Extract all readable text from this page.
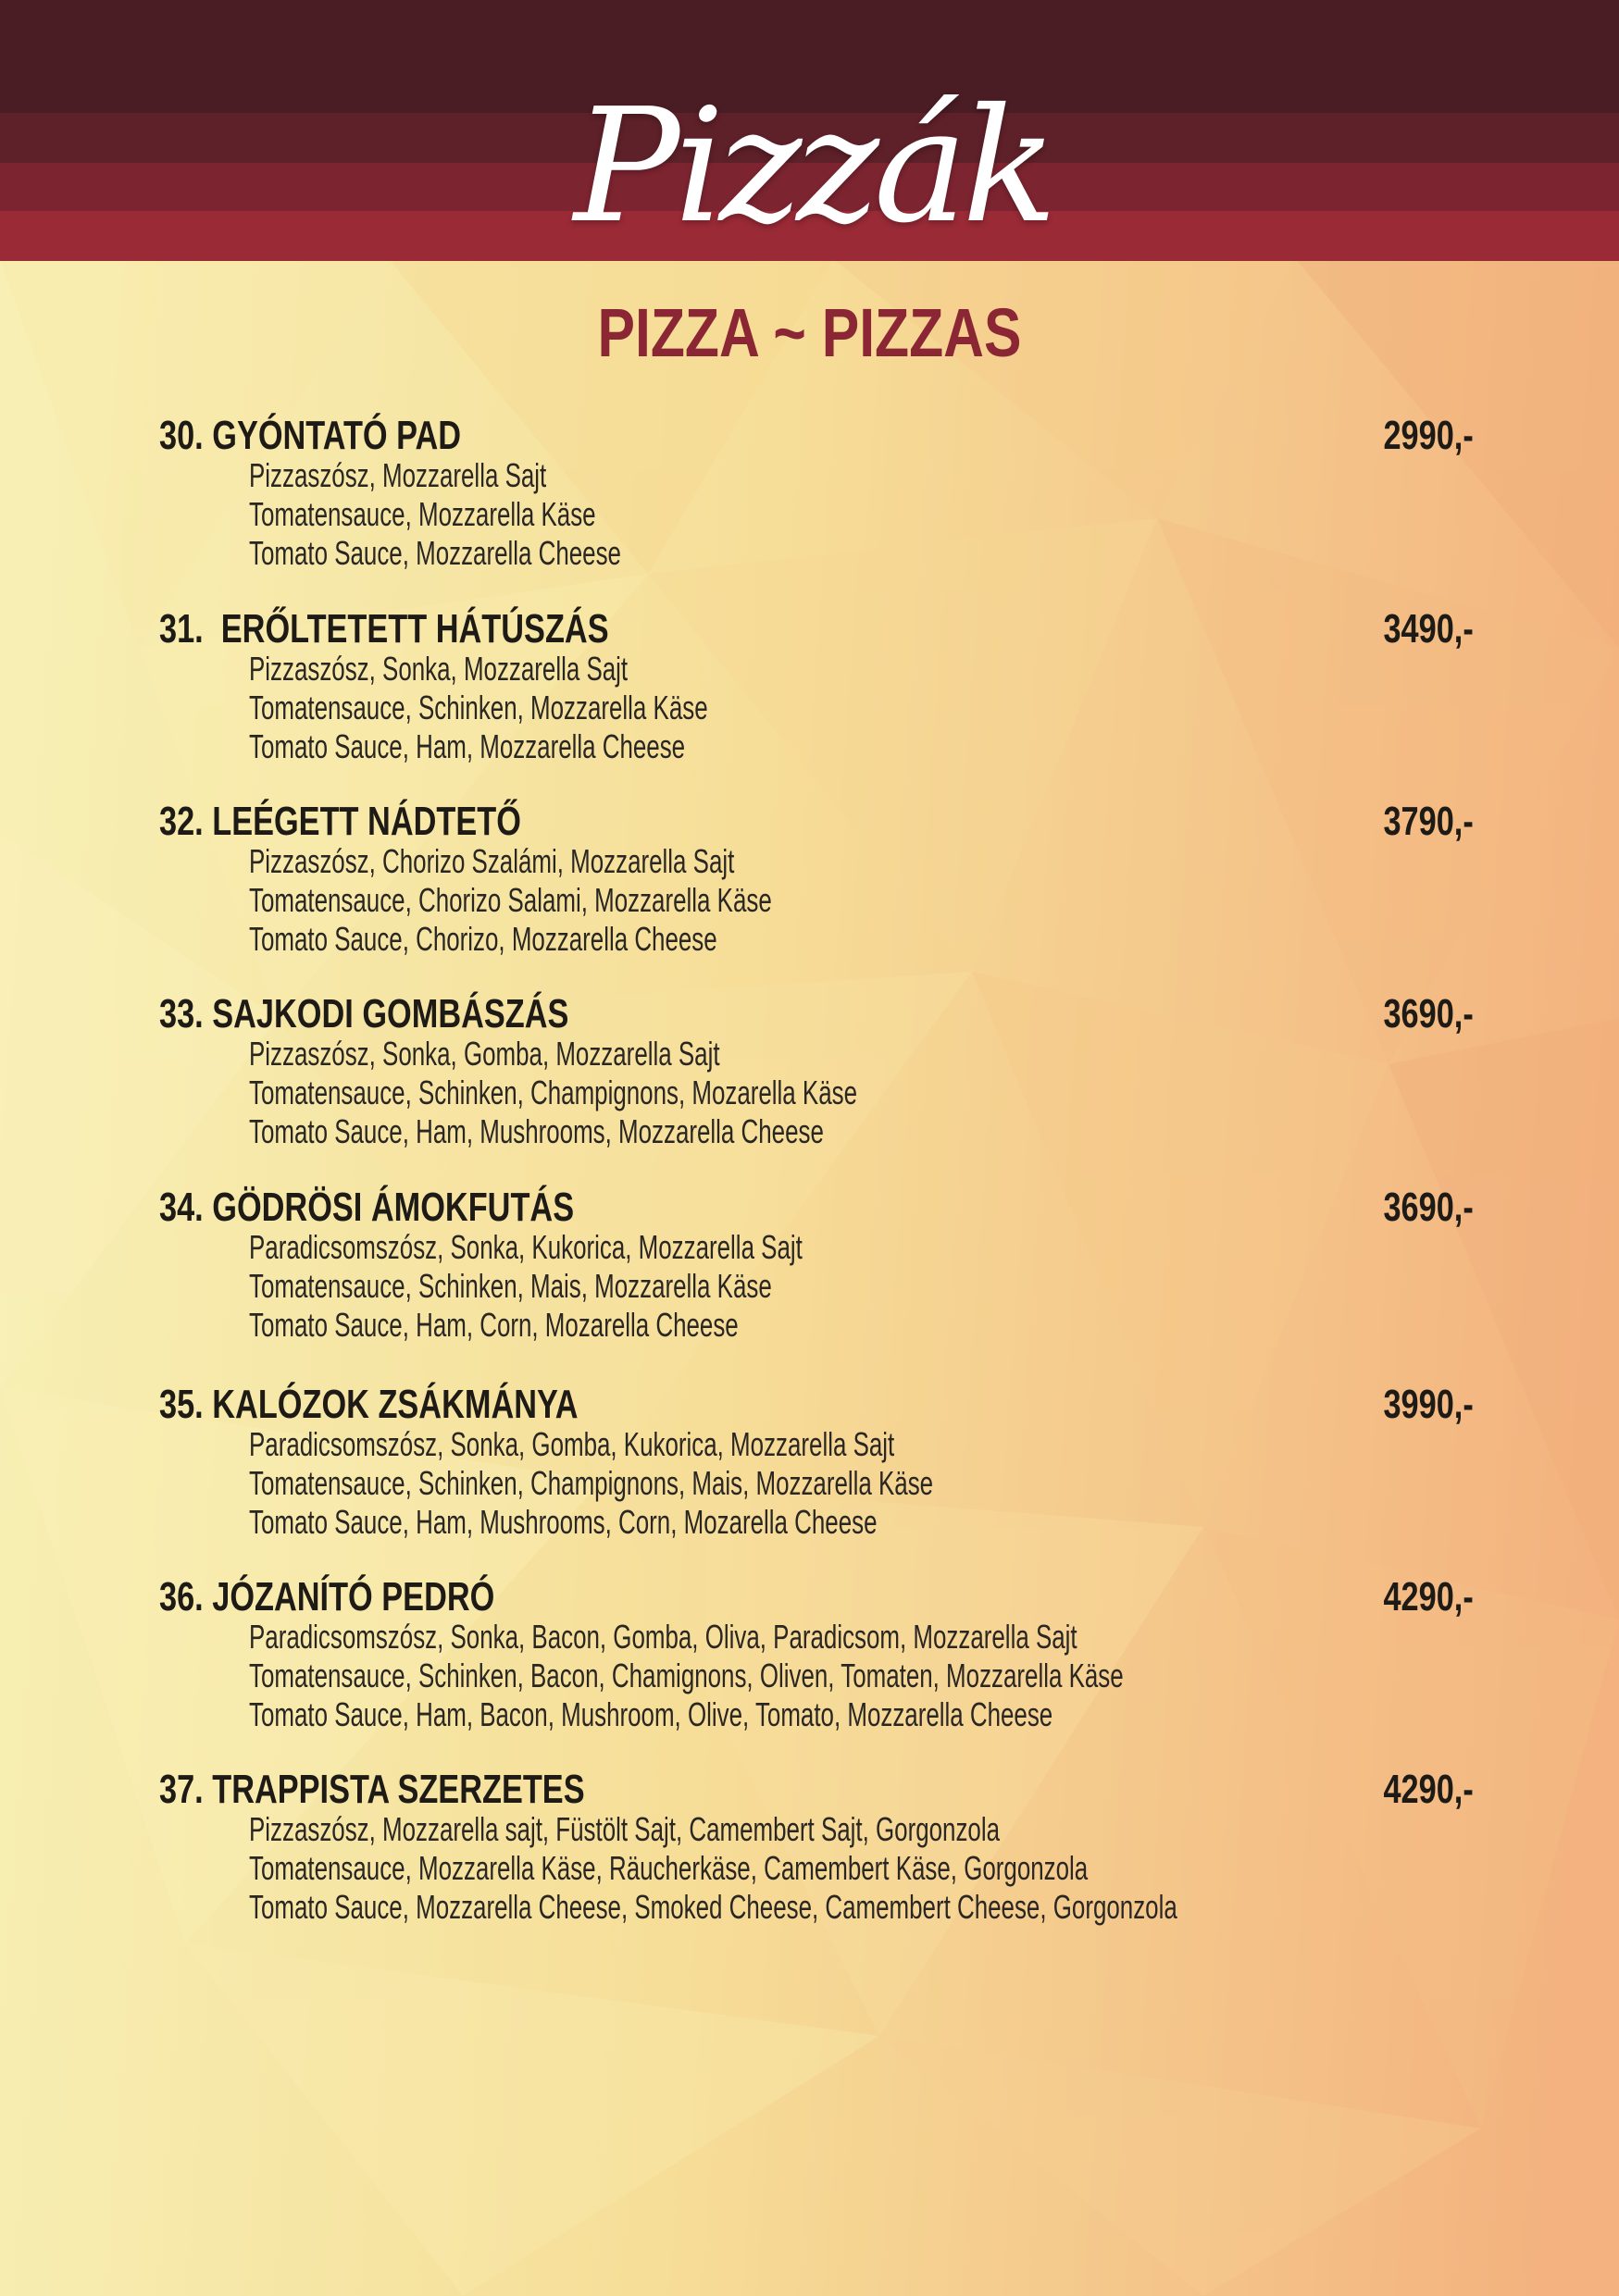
Pizzák
PIZZA ~ PIZZAS
30. GYÓNTATÓ PAD	2990,-
Pizzaszósz, Mozzarella Sajt
Tomatensauce, Mozzarella Käse
Tomato Sauce, Mozzarella Cheese
31.  ERŐLTETETT HÁTÚSZÁS	3490,-
Pizzaszósz, Sonka, Mozzarella Sajt
Tomatensauce, Schinken, Mozzarella Käse
Tomato Sauce, Ham, Mozzarella Cheese
32. LEÉGETT NÁDTETŐ	3790,-
Pizzaszósz, Chorizo Szalámi, Mozzarella Sajt
Tomatensauce, Chorizo Salami, Mozzarella Käse
Tomato Sauce, Chorizo, Mozzarella Cheese
33. SAJKODI GOMBÁSZÁS	3690,-
Pizzaszósz, Sonka, Gomba, Mozzarella Sajt
Tomatensauce, Schinken, Champignons, Mozarella Käse
Tomato Sauce, Ham, Mushrooms, Mozzarella Cheese
34. GÖDRÖSI ÁMOKFUTÁS	3690,-
Paradicsomszósz, Sonka, Kukorica, Mozzarella Sajt
Tomatensauce, Schinken, Mais, Mozzarella Käse
Tomato Sauce, Ham, Corn, Mozarella Cheese
35. KALÓZOK ZSÁKMÁNYA	3990,-
Paradicsomszósz, Sonka, Gomba, Kukorica, Mozzarella Sajt
Tomatensauce, Schinken, Champignons, Mais, Mozzarella Käse
Tomato Sauce, Ham, Mushrooms, Corn, Mozarella Cheese
36. JÓZANÍTÓ PEDRÓ	4290,-
Paradicsomszósz, Sonka, Bacon, Gomba, Oliva, Paradicsom, Mozzarella Sajt
Tomatensauce, Schinken, Bacon, Chamignons, Oliven, Tomaten, Mozzarella Käse
Tomato Sauce, Ham, Bacon, Mushroom, Olive, Tomato, Mozzarella Cheese
37. TRAPPISTA SZERZETES	4290,-
Pizzaszósz, Mozzarella sajt, Füstölt Sajt, Camembert Sajt, Gorgonzola
Tomatensauce, Mozzarella Käse, Räucherkäse, Camembert Käse, Gorgonzola
Tomato Sauce, Mozzarella Cheese, Smoked Cheese, Camembert Cheese, Gorgonzola
